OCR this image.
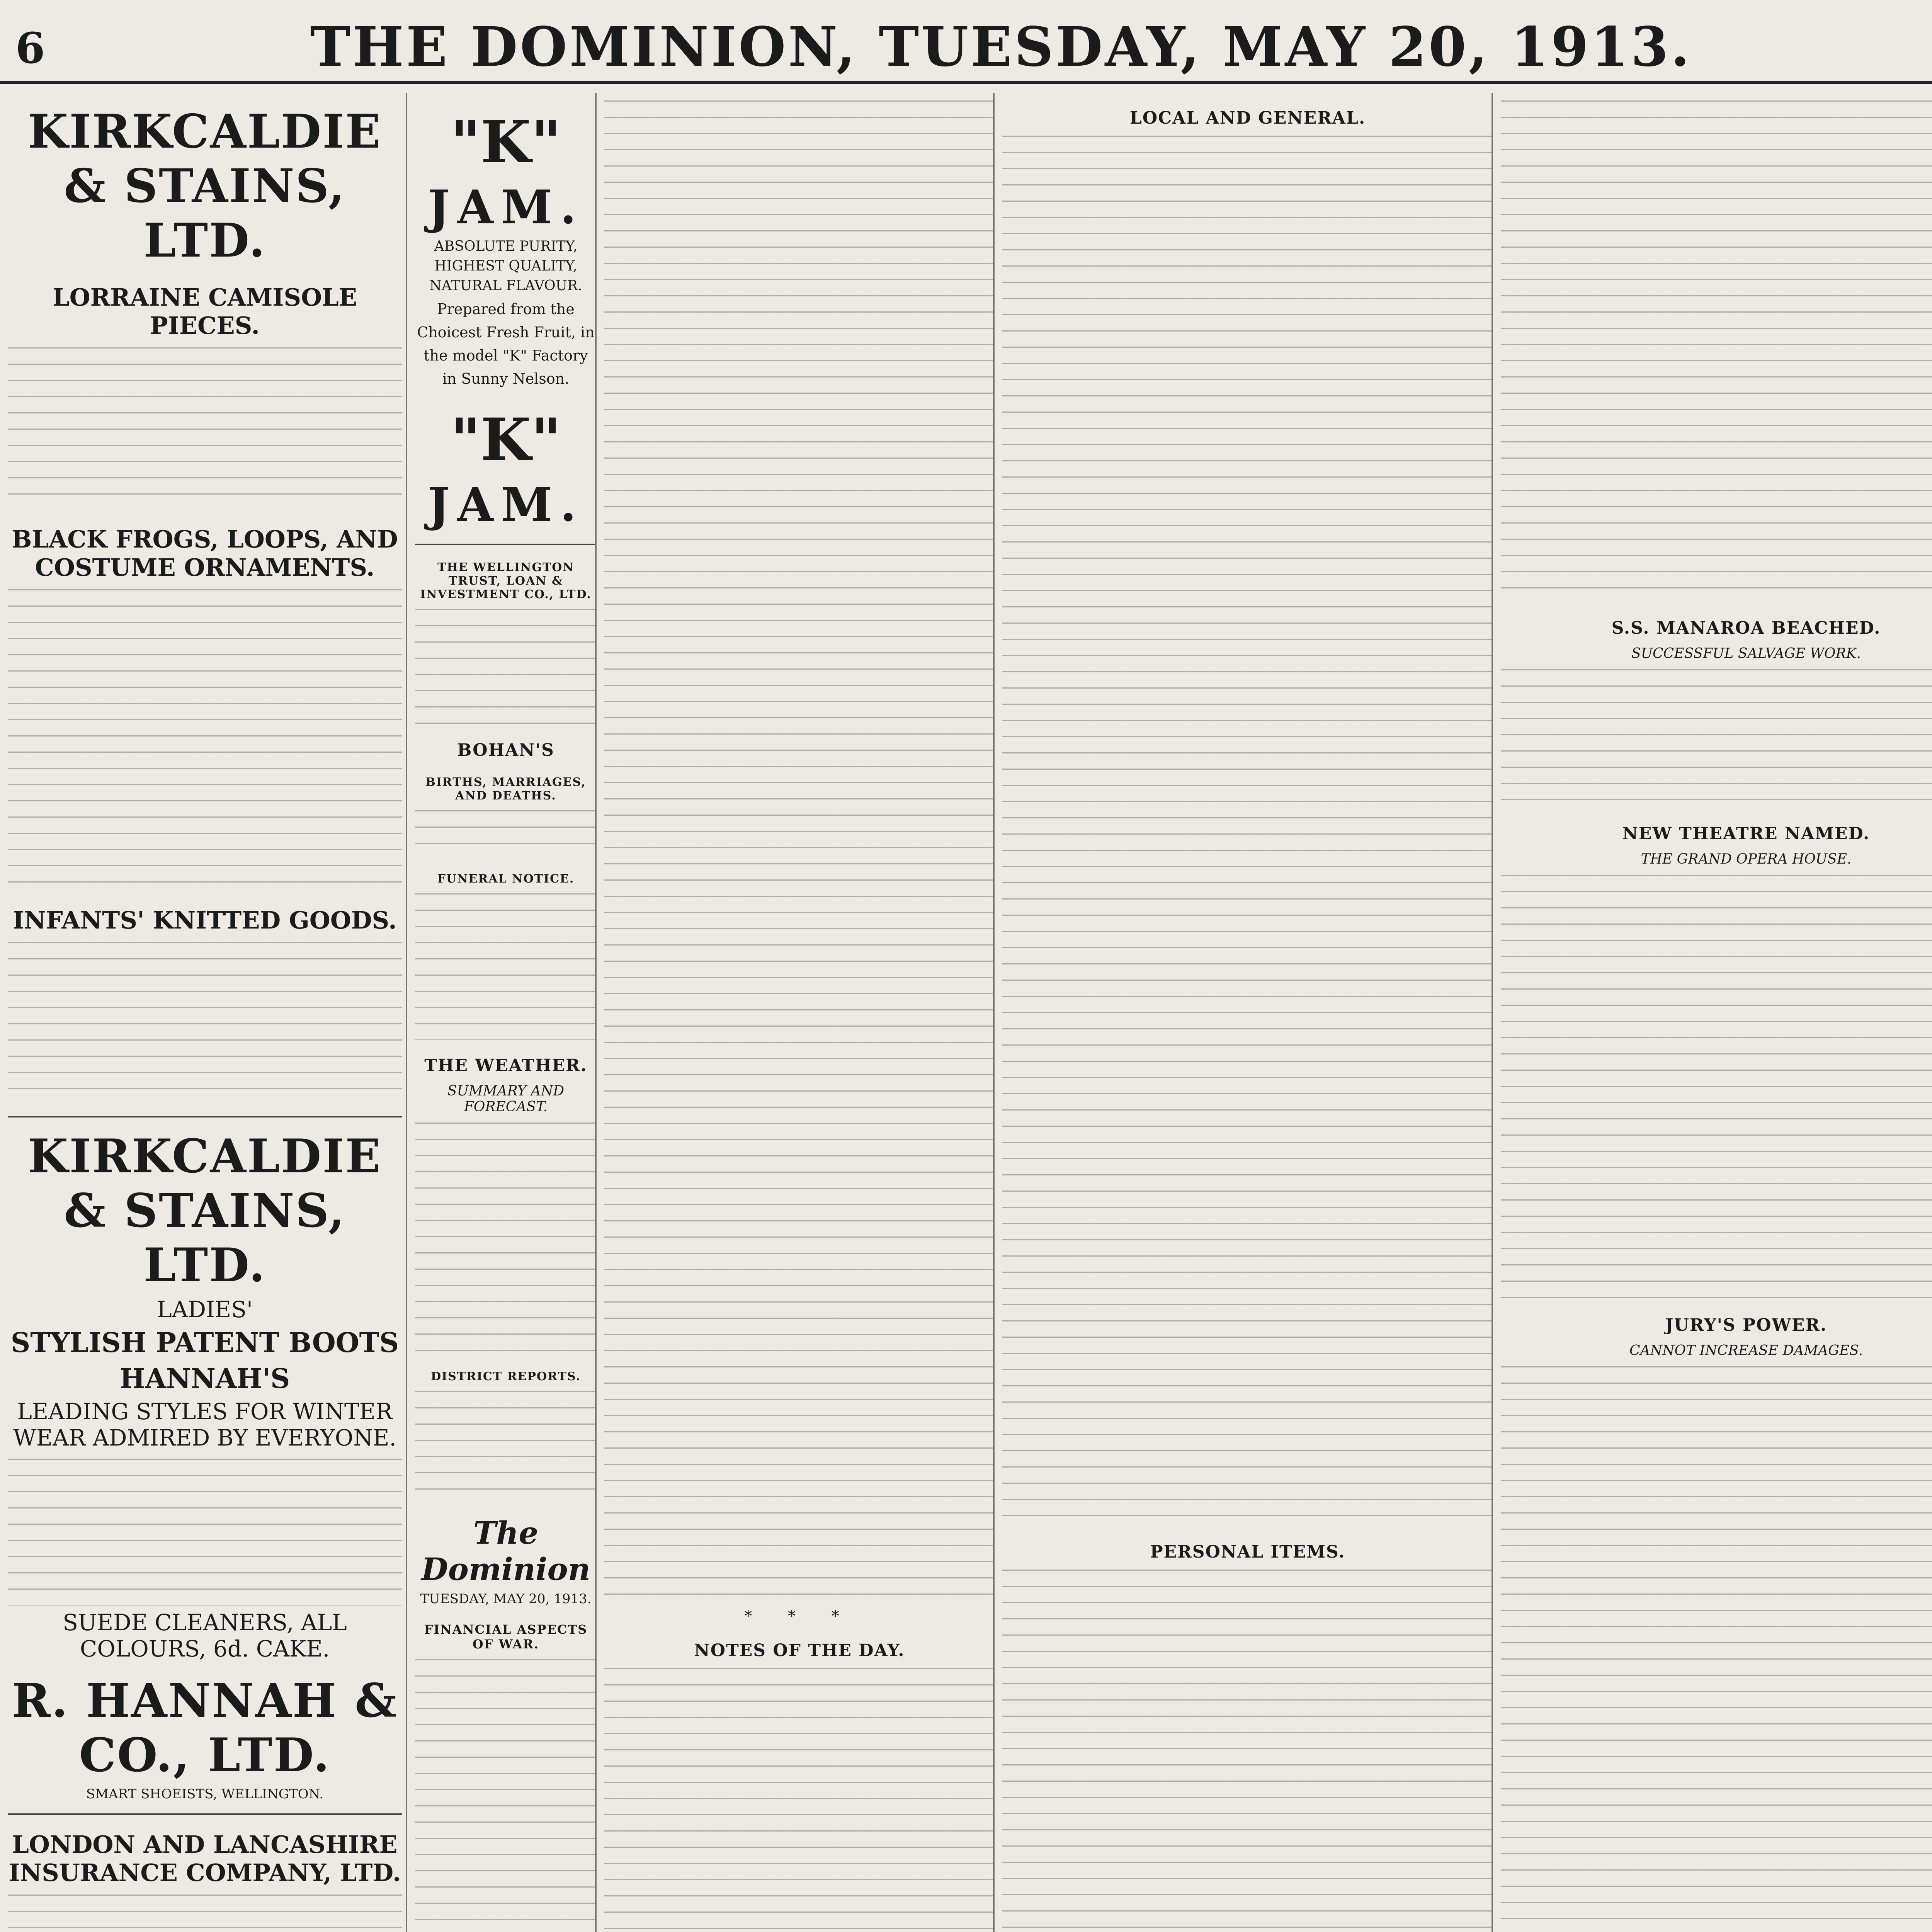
6	THE DOMINION, TUESDAY, MAY 20, 1913.
KIRKCALDIE & STAINS, LTD.
LORRAINE CAMISOLE PIECES.
BLACK FROGS, LOOPS, AND COSTUME ORNAMENTS.
INFANTS' KNITTED GOODS.
KIRKCALDIE & STAINS, LTD.
LADIES'
STYLISH PATENT BOOTS
HANNAH'S
LEADING STYLES FOR WINTER WEAR ADMIRED BY EVERYONE.
SUEDE CLEANERS, ALL COLOURS, 6d. CAKE.
R. HANNAH & CO., LTD.
SMART SHOEISTS, WELLINGTON.
LONDON AND LANCASHIRE INSURANCE COMPANY, LTD.
"K"
JAM.
ABSOLUTE PURITY,
HIGHEST QUALITY,
NATURAL FLAVOUR.
Prepared from the Choicest Fresh Fruit, in the model "K" Factory in Sunny Nelson.
"K"
JAM.
THE WELLINGTON TRUST, LOAN & INVESTMENT CO., LTD.
BOHAN'S
BIRTHS, MARRIAGES, AND DEATHS.
FUNERAL NOTICE.
THE WEATHER.
SUMMARY AND FORECAST.
DISTRICT REPORTS.
The Dominion
TUESDAY, MAY 20, 1913.
FINANCIAL ASPECTS OF WAR.
* * *
NOTES OF THE DAY.
LOCAL AND GENERAL.
PERSONAL ITEMS.
S.S. MANAROA BEACHED.
SUCCESSFUL SALVAGE WORK.
NEW THEATRE NAMED.
THE GRAND OPERA HOUSE.
JURY'S POWER.
CANNOT INCREASE DAMAGES.
